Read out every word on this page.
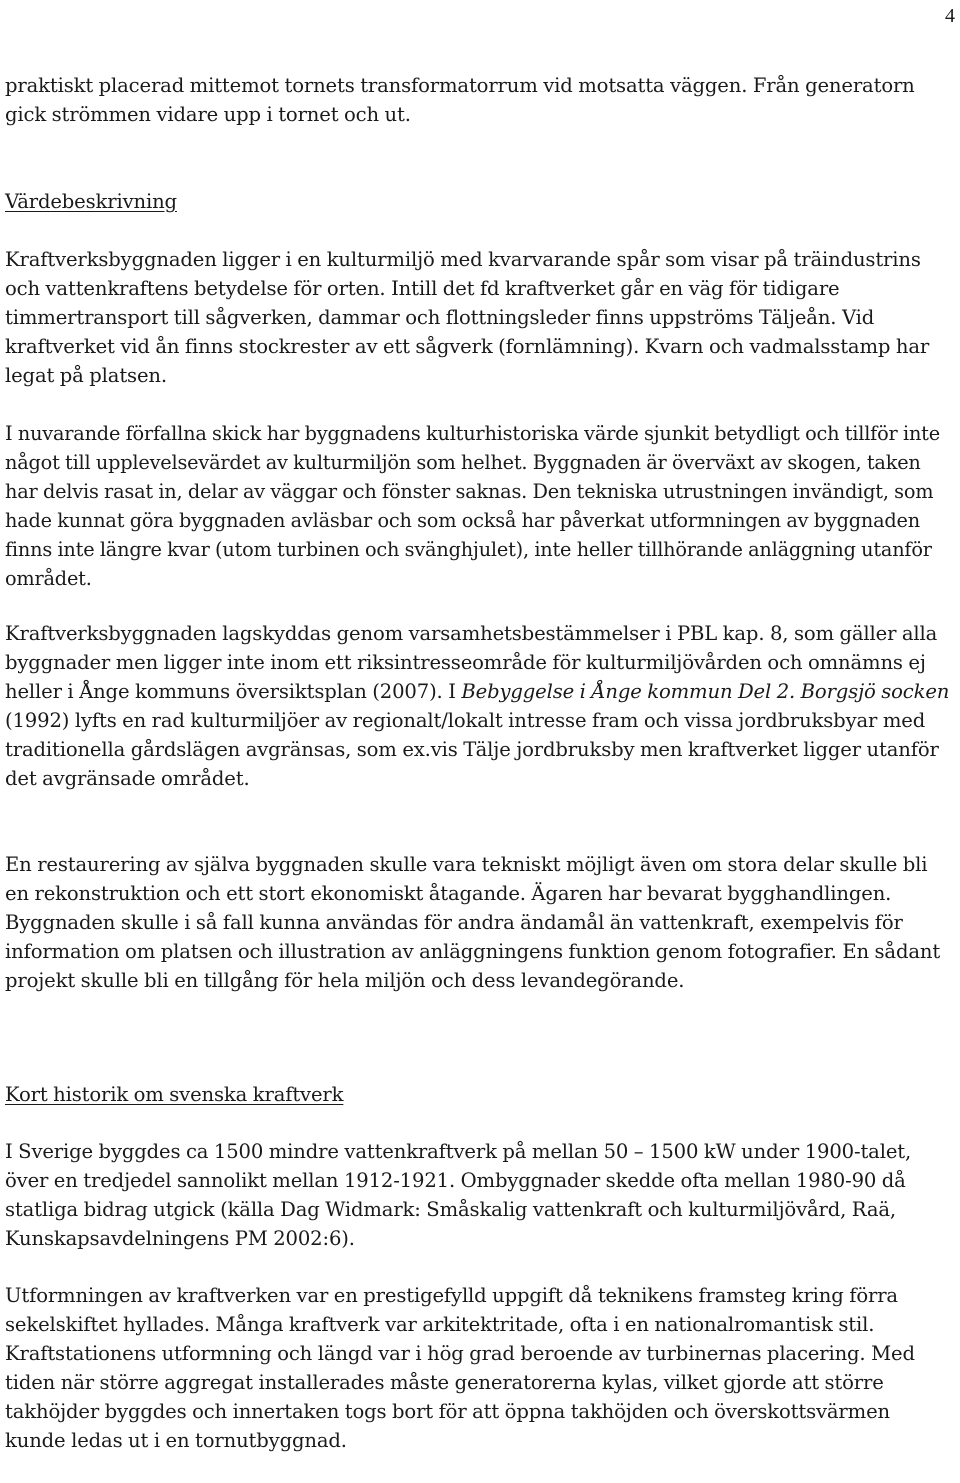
4

praktiskt placerad mittemot tornets transformatorrum vid motsatta väggen. Från generatorn gick strömmen vidare upp i tornet och ut.

Värdebeskrivning

Kraftverksbyggnaden ligger i en kulturmiljö med kvarvarande spår som visar på träindustrins och vattenkraftens betydelse för orten. Intill det fd kraftverket går en väg för tidigare timmertransport till sågverken, dammar och flottningsleder finns uppströms Täljeån. Vid kraftverket vid ån finns stockrester av ett sågverk (fornlämning). Kvarn och vadmalsstamp har legat på platsen.

I nuvarande förfallna skick har byggnadens kulturhistoriska värde sjunkit betydligt och tillför inte något till upplevelsevärdet av kulturmiljön som helhet. Byggnaden är överväxt av skogen, taken har delvis rasat in, delar av väggar och fönster saknas. Den tekniska utrustningen invändigt, som hade kunnat göra byggnaden avläsbar och som också har påverkat utformningen av byggnaden finns inte längre kvar (utom turbinen och svänghjulet), inte heller tillhörande anläggning utanför området.

Kraftverksbyggnaden lagskyddas genom varsamhetsbestämmelser i PBL kap. 8, som gäller alla byggnader men ligger inte inom ett riksintresseområde för kulturmiljövården och omnämns ej heller i Ånge kommuns översiktsplan (2007). I Bebyggelse i Ånge kommun Del 2. Borgsjö socken (1992) lyfts en rad kulturmiljöer av regionalt/lokalt intresse fram och vissa jordbruksbyar med traditionella gårdslägen avgränsas, som ex.vis Tälje jordbruksby men kraftverket ligger utanför det avgränsade området.

En restaurering av själva byggnaden skulle vara tekniskt möjligt även om stora delar skulle bli en rekonstruktion och ett stort ekonomiskt åtagande. Ägaren har bevarat bygghandlingen. Byggnaden skulle i så fall kunna användas för andra ändamål än vattenkraft, exempelvis för information om platsen och illustration av anläggningens funktion genom fotografier. En sådant projekt skulle bli en tillgång för hela miljön och dess levandegörande.

Kort historik om svenska kraftverk

I Sverige byggdes ca 1500 mindre vattenkraftverk på mellan 50 – 1500 kW under 1900-talet, över en tredjedel sannolikt mellan 1912-1921. Ombyggnader skedde ofta mellan 1980-90 då statliga bidrag utgick (källa Dag Widmark: Småskalig vattenkraft och kulturmiljövård, Raä, Kunskapsavdelningens PM 2002:6).

Utformningen av kraftverken var en prestigefylld uppgift då teknikens framsteg kring förra sekelskiftet hyllades. Många kraftverk var arkitektritade, ofta i en nationalromantisk stil. Kraftstationens utformning och längd var i hög grad beroende av turbinernas placering. Med tiden när större aggregat installerades måste generatorerna kylas, vilket gjorde att större takhöjder byggdes och innertaken togs bort för att öppna takhöjden och överskottsvärmen kunde ledas ut i en tornutbyggnad.
